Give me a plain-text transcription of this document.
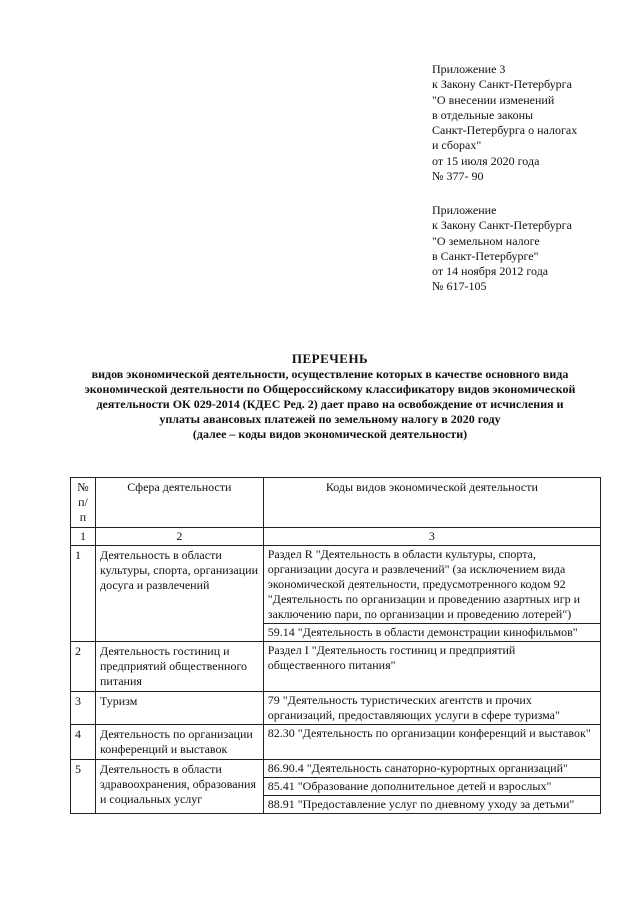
Приложение 3
к Закону Санкт-Петербурга
"О внесении изменений
в отдельные законы
Санкт-Петербурга о налогах
и сборах"
от 15 июля 2020 года
№ 377- 90
Приложение
к Закону Санкт-Петербурга
"О земельном налоге
в Санкт-Петербурге"
от 14 ноября 2012 года
№ 617-105
ПЕРЕЧЕНЬ
видов экономической деятельности, осуществление которых в качестве основного вида
экономической деятельности по Общероссийскому классификатору видов экономической
деятельности ОК 029-2014 (КДЕС Ред. 2) дает право на освобождение от исчисления и
уплаты авансовых платежей по земельному налогу в 2020 году
(далее – коды видов экономической деятельности)
№
п/п	Сфера деятельности	Коды видов экономической деятельности
1	2	3
1	Деятельность в области культуры, спорта, организации досуга и развлечений	Раздел R "Деятельность в области культуры, спорта, организации досуга и развлечений" (за исключением вида экономической деятельности, предусмотренного кодом 92 "Деятельность по организации и проведению азартных игр и заключению пари, по организации и проведению лотерей")
59.14 "Деятельность в области демонстрации кинофильмов"

2	Деятельность гостиниц и предприятий общественного питания	Раздел I "Деятельность гостиниц и предприятий общественного питания"

3	Туризм	79 "Деятельность туристических агентств и прочих организаций, предоставляющих услуги в сфере туризма"

4	Деятельность по организации конференций и выставок	82.30 "Деятельность по организации конференций и выставок"

5	Деятельность в области здравоохранения, образования и социальных услуг	86.90.4 "Деятельность санаторно-курортных организаций"
85.41 "Образование дополнительное детей и взрослых"
88.91 "Предоставление услуг по дневному уходу за детьми"
